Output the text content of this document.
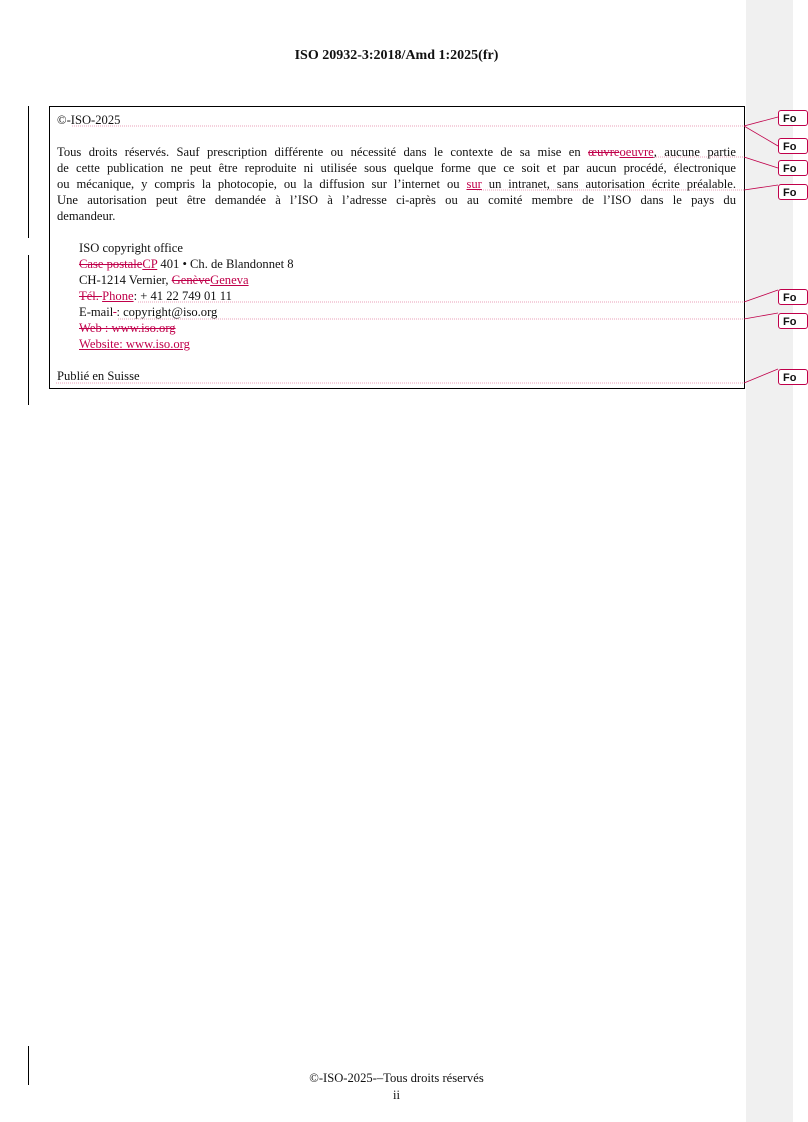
ISO 20932-3:2018/Amd 1:2025(fr)
©-ISO-2025
Tous droits réservés. Sauf prescription différente ou nécessité dans le contexte de sa mise en œuvreoeuvre, aucune partie
de cette publication ne peut être reproduite ni utilisée sous quelque forme que ce soit et par aucun procédé, électronique
ou mécanique, y compris la photocopie, ou la diffusion sur l’internet ou sur un intranet, sans autorisation écrite préalable.
Une autorisation peut être demandée à l’ISO à l’adresse ci-après ou au comité membre de l’ISO dans le pays du
demandeur.
ISO copyright office
Case postaleCP 401 • Ch. de Blandonnet 8
CH-1214 Vernier, GenèveGeneva
Tél. Phone: + 41 22 749 01 11
E-mail : copyright@iso.org
Web : www.iso.org
Website: www.iso.org
Publié en Suisse
Fo
Fo
Fo
Fo
Fo
Fo
Fo
©-ISO-2025-–Tous droits réservés
ii
